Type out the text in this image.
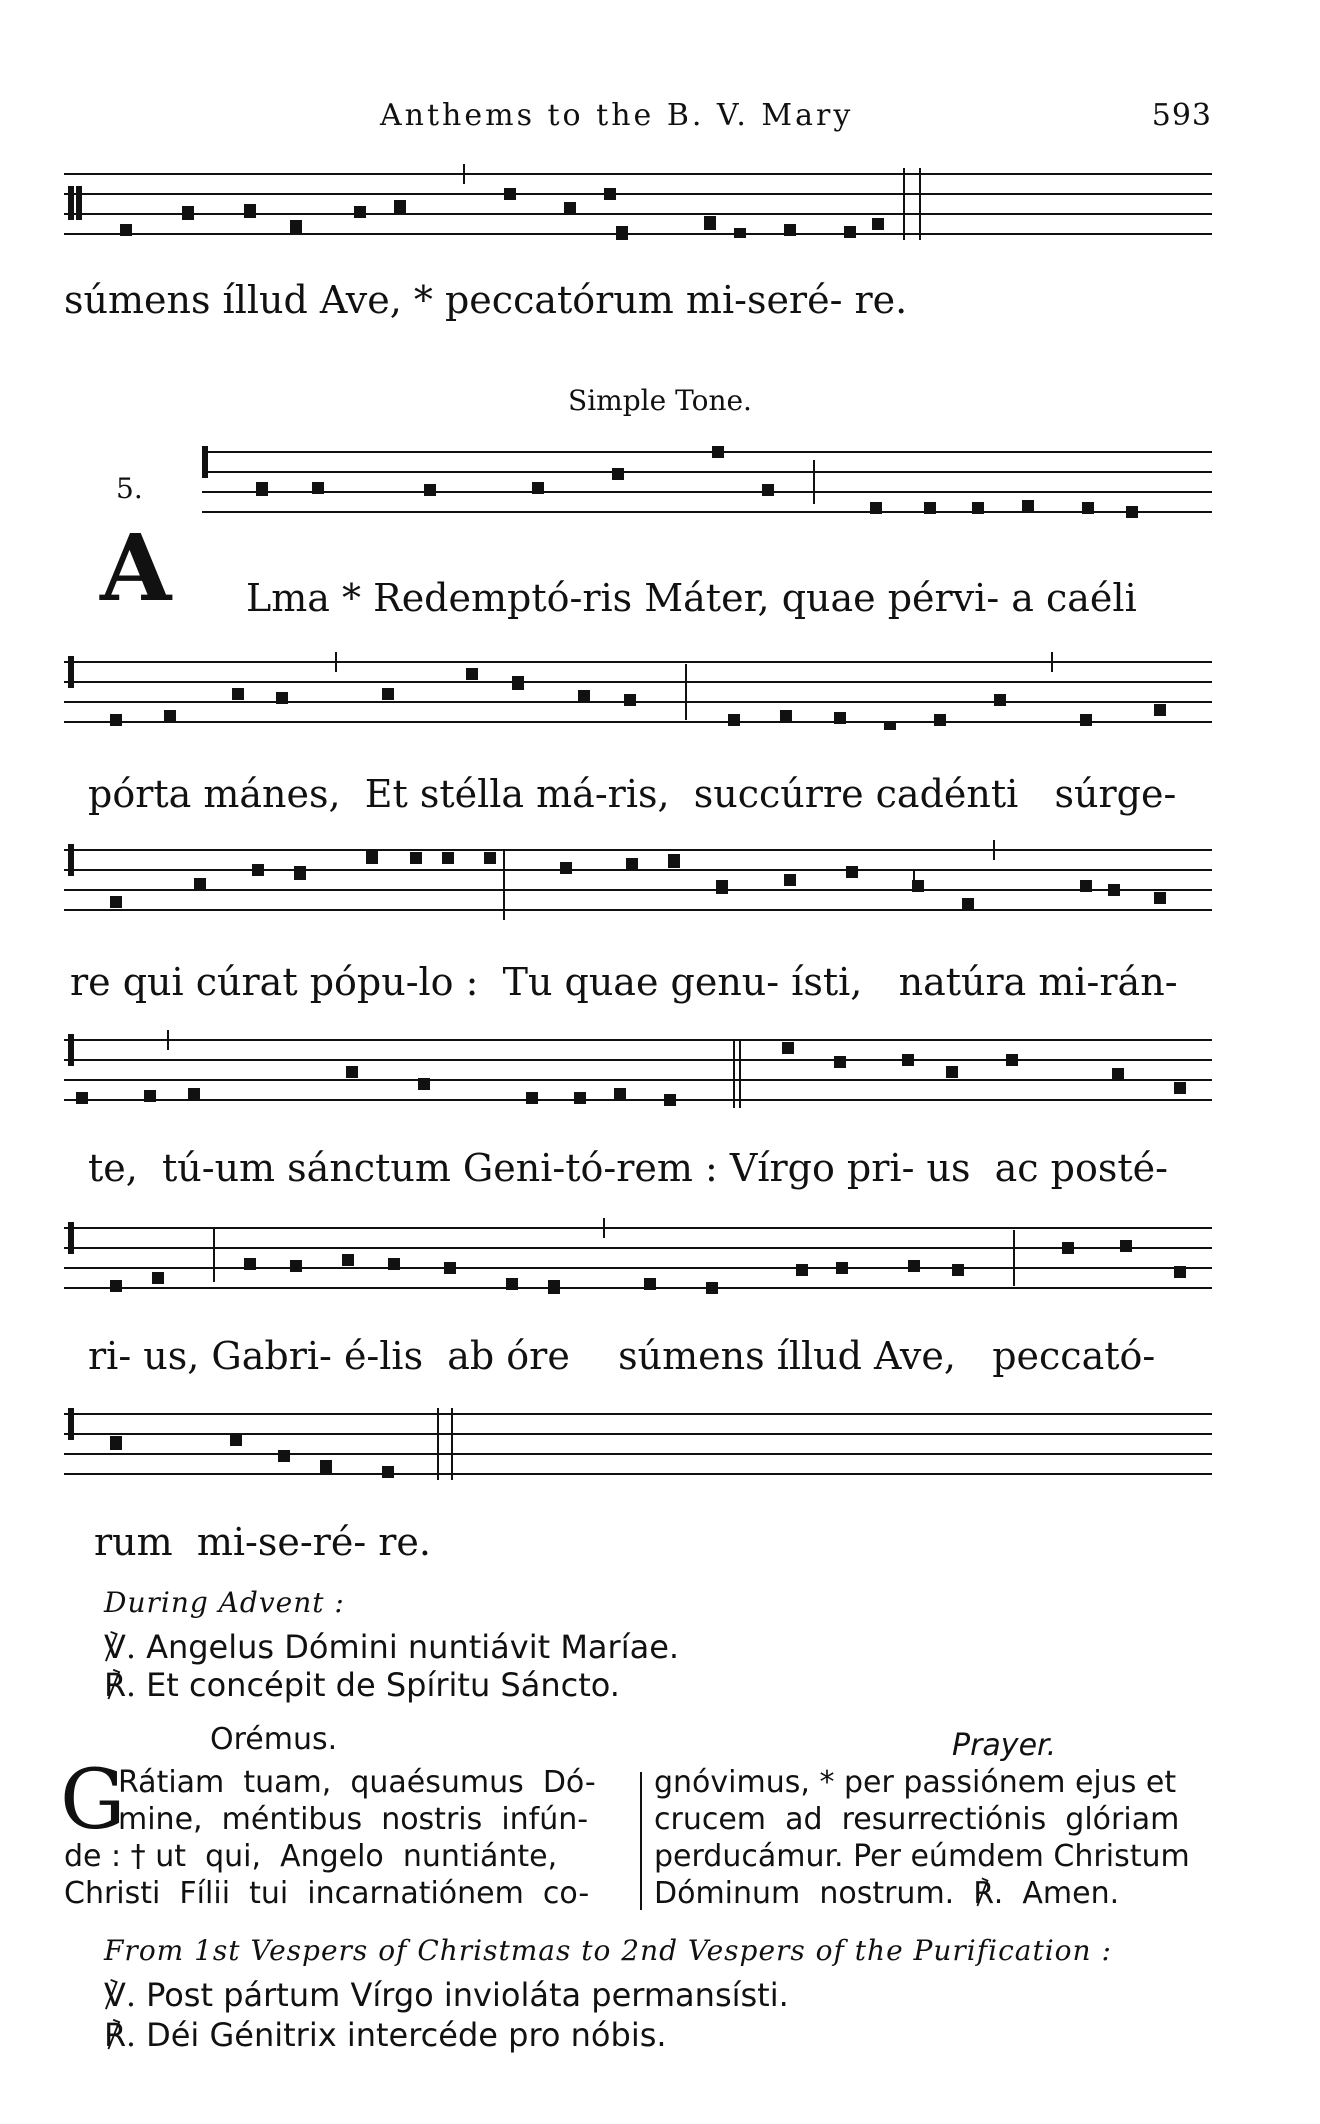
Anthems to the B. V. Mary	593
súmens íllud Ave, * peccatórum mi-seré- re.
Simple Tone.
5.
A Lma * Redemptó-ris Máter, quae pérvi- a caéli
pórta mánes,  Et stélla má-ris,  succúrre cadénti   súrge-
re qui cúrat pópu-lo :  Tu quae genu- ísti,   natúra mi-rán-
te,  tú-um sánctum Geni-tó-rem : Vírgo pri- us  ac posté-
ri- us, Gabri- é-lis  ab óre    súmens íllud Ave,   peccató-
rum  mi-se-ré- re.
During Advent :
℣. Angelus Dómini nuntiávit Maríae.
℟. Et concépit de Spíritu Sáncto.
Orémus.	Prayer.
G
Rátiam  tuam,  quaésumus  Dó-
mine,  méntibus  nostris  infún-
de : † ut  qui,  Angelo  nuntiánte,
Christi  Fílii  tui  incarnatiónem  co-
gnóvimus, * per passiónem ejus et
crucem  ad  resurrectiónis  glóriam
perducámur. Per eúmdem Christum
Dóminum  nostrum.  ℟.  Amen.
From 1st Vespers of Christmas to 2nd Vespers of the Purification :
℣. Post pártum Vírgo invioláta permansísti.
℟. Déi Génitrix intercéde pro nóbis.
